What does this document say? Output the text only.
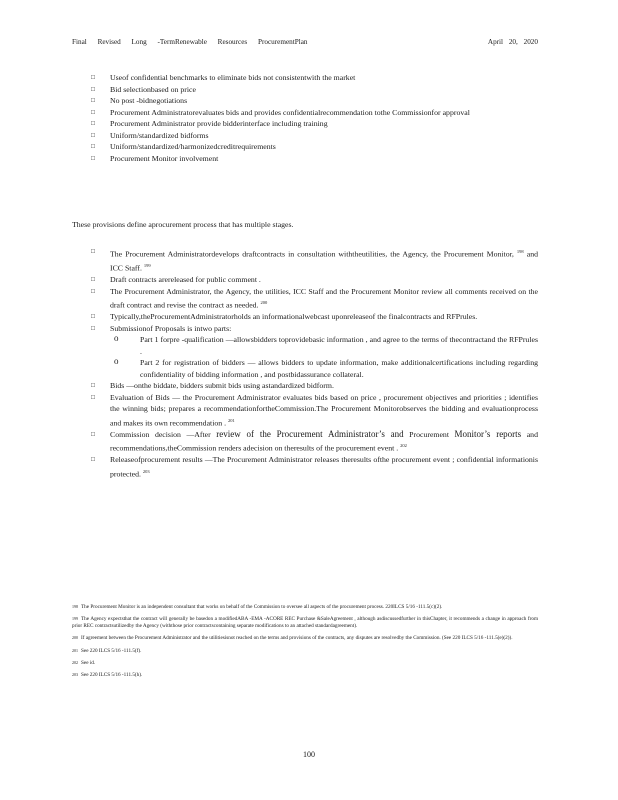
Final Revised Long -TermRenewable Resources ProcurementPlan	April 20, 2020
□ Useof confidential benchmarks to eliminate bids not consistentwith the market
□ Bid selectionbased on price
□ No post -bidnegotiations
□ Procurement Administratorevaluates bids and provides confidentialrecommendation tothe Commissionfor approval
□ Procurement Administrator provide bidderinterface including training
□ Uniform/standardized bidforms
□ Uniform/standardized/harmonizedcreditrequirements
□ Procurement Monitor involvement

These provisions define aprocurement process that has multiple stages.

□ The Procurement Administratordevelops draftcontracts in consultation withtheutilities, the Agency, the Procurement Monitor, $^{198}$ and ICC Staff. $^{199}$
□ Draft contracts arereleased for public comment .
□ The Procurement Administrator, the Agency, the utilities, ICC Staff and the Procurement Monitor review all comments received on the draft contract and revise the contract as needed. $^{200}$
□ Typically,theProcurementAdministratorholds an informationalwebcast uponreleaseof the finalcontracts and RFPrules.
□ Submissionof Proposals is intwo parts:
o Part 1 forpre -qualification —allowsbidders toprovidebasic information , and agree to the terms of thecontractand the RFPrules .
o Part 2 for registration of bidders — allows bidders to update information, make additionalcertifications including regarding confidentiality of bidding information , and postbidassurance collateral.
□ Bids —onthe biddate, bidders submit bids using astandardized bidform.
□ Evaluation of Bids — the Procurement Administrator evaluates bids based on price , procurement objectives and priorities ; identifies the winning bids; prepares a recommendationfortheCommission.The Procurement Monitorobserves the bidding and evaluationprocess and makes its own recommendation . $^{201}$
□ Commission decision —After review of the Procurement Administrator’s and Procurement Monitor’s reports and recommendations,theCommission renders adecision on theresults of the procurement event . $^{202}$
□ Releaseofprocurement results —The Procurement Administrator releases theresults ofthe procurement event ; confidential informationis protected. $^{203}$

$^{198}$ The Procurement Monitor is an independent consultant that works on behalf of the Commission to oversee all aspects of the procurement process. 220ILCS 5/16 -111.5(c)(2).

$^{199}$ The Agency expectsthat the contract will generally be basedon a modifiedABA -EMA -ACORE REC Purchase &SaleAgreement , although asdiscussedfurther in thisChapter, it recommends a change in approach from prior REC contractsutilizedby the Agency (withthose prior contractscontaining separate modifications to an attached standardagreement).

$^{200}$ If agreement between the Procurement Administrator and the utilitiesisnot reached on the terms and provisions of the contracts, any disputes are resolvedby the Commission. (See 220 ILCS 5/16 -111.5(e)(2)).

$^{201}$ See 220 ILCS 5/16 -111.5(f).

$^{202}$ See id.

$^{203}$ See 220 ILCS 5/16 -111.5(h).

100
